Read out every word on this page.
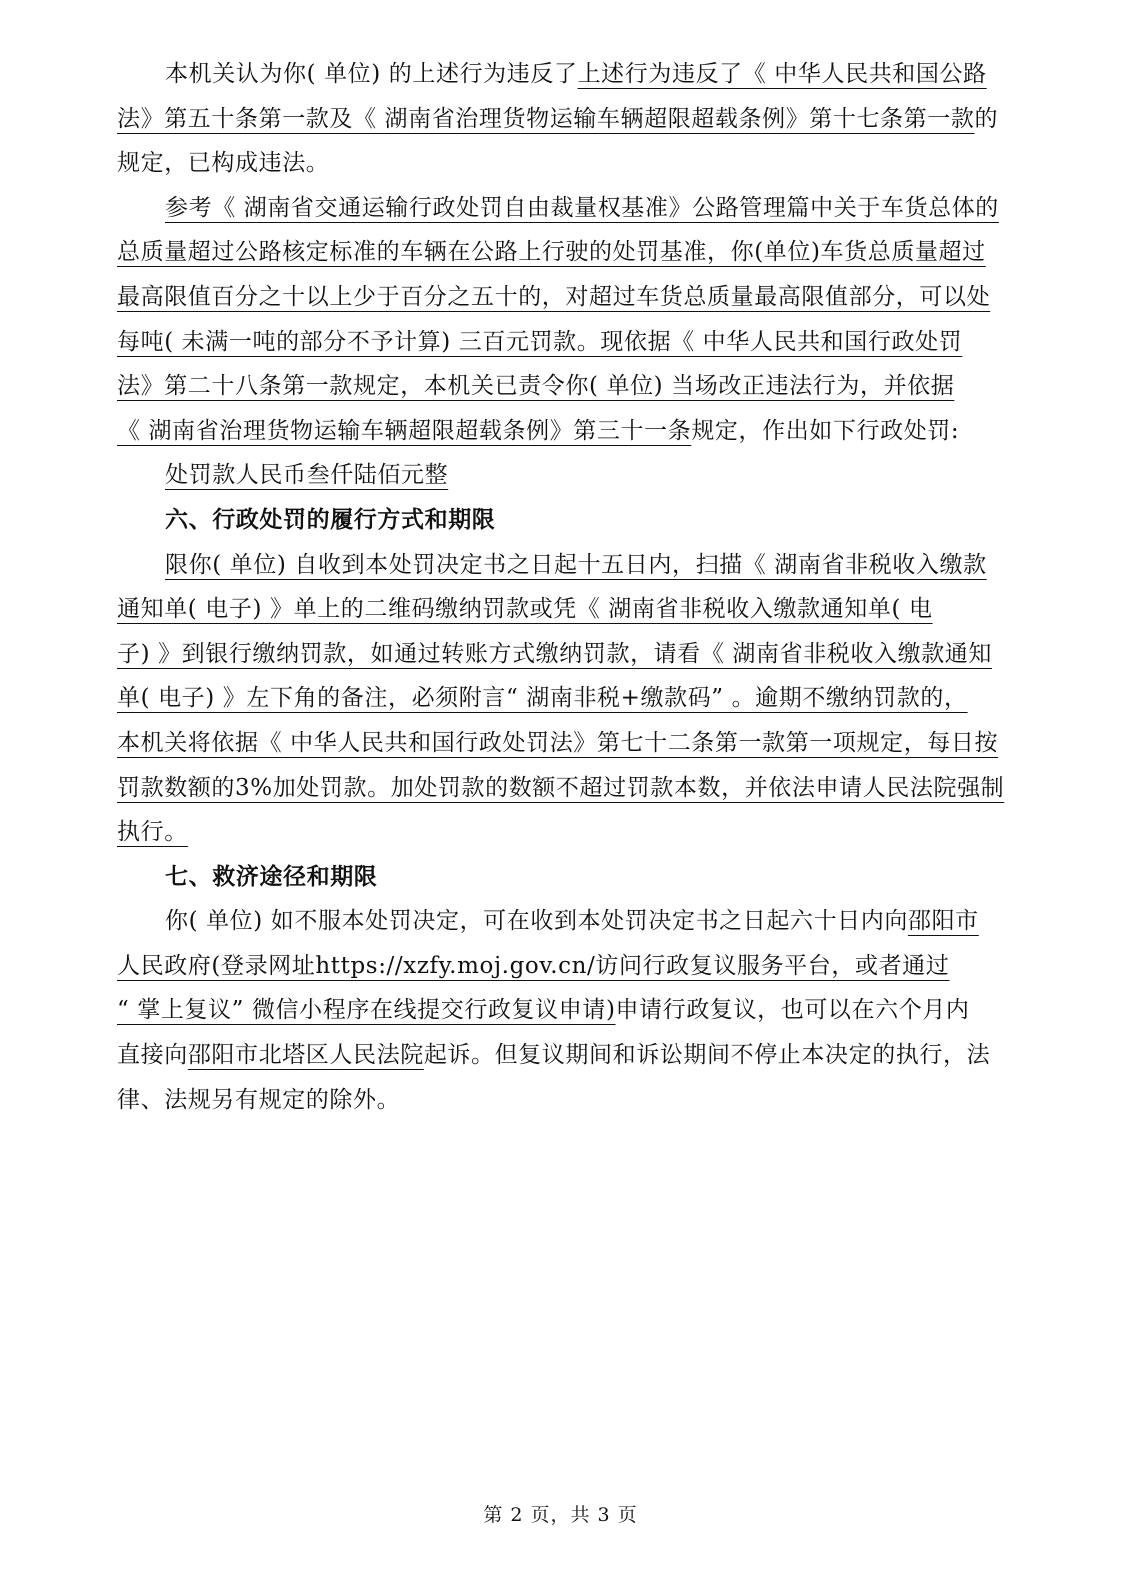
本机关认为你( 单位) 的上述行为违反了上述行为违反了《 中华人民共和国公路
法》第五十条第一款及《 湖南省治理货物运输车辆超限超载条例》第十七条第一款的
规定，已构成违法。
参考《 湖南省交通运输行政处罚自由裁量权基准》公路管理篇中关于车货总体的
总质量超过公路核定标准的车辆在公路上行驶的处罚基准，你(单位)车货总质量超过
最高限值百分之十以上少于百分之五十的，对超过车货总质量最高限值部分，可以处
每吨( 未满一吨的部分不予计算) 三百元罚款。现依据《 中华人民共和国行政处罚
法》第二十八条第一款规定，本机关已责令你( 单位) 当场改正违法行为，并依据
《 湖南省治理货物运输车辆超限超载条例》第三十一条规定，作出如下行政处罚:
处罚款人民币叁仟陆佰元整
六、行政处罚的履行方式和期限
限你( 单位) 自收到本处罚决定书之日起十五日内，扫描《 湖南省非税收入缴款
通知单( 电子) 》单上的二维码缴纳罚款或凭《 湖南省非税收入缴款通知单( 电
子) 》到银行缴纳罚款，如通过转账方式缴纳罚款，请看《 湖南省非税收入缴款通知
单( 电子) 》左下角的备注，必须附言“ 湖南非税+缴款码” 。逾期不缴纳罚款的，
本机关将依据《 中华人民共和国行政处罚法》第七十二条第一款第一项规定，每日按
罚款数额的3%加处罚款。加处罚款的数额不超过罚款本数，并依法申请人民法院强制
执行。
七、救济途径和期限
你( 单位) 如不服本处罚决定，可在收到本处罚决定书之日起六十日内向邵阳市
人民政府(登录网址https://xzfy.moj.gov.cn/访问行政复议服务平台，或者通过
“ 掌上复议” 微信小程序在线提交行政复议申请)申请行政复议，也可以在六个月内
直接向邵阳市北塔区人民法院起诉。但复议期间和诉讼期间不停止本决定的执行，法
律、法规另有规定的除外。
第 2 页，共 3 页
